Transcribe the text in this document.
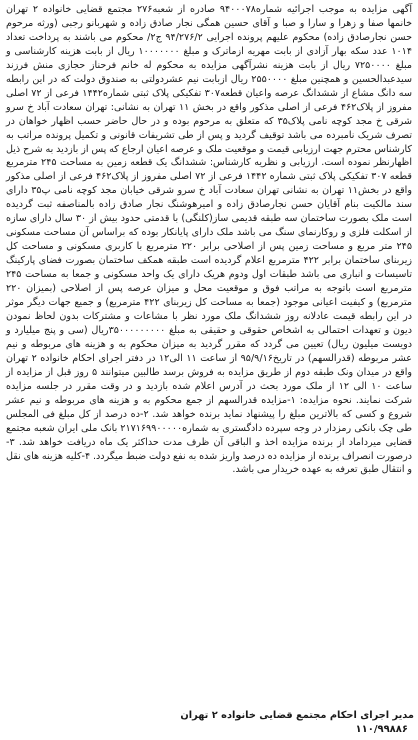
آگهی مزایده به موجب اجرائیه شماره۹۴۰۰۰۷۸ صادره از شعبه۲۷۶ مجتمع قضایی خانواده ۲ تهران خانمها صفا و زهرا و سارا و صبا و آقای حسین همگی نجار صادق زاده و شهربانو رجبی (ورثه مرحوم حسن نجارصادق زاده) محکوم علیهم پرونده اجرایی ۹۴/۲۷۶/۲ ج۲/ محکوم می باشند به پرداخت تعداد ۱۰۱۴ عدد سکه بهار آزادی از بابت مهریه ازماترک و مبلغ ۱۰۰۰۰۰۰۰ ریال از بابت هزینه کارشناسی و مبلغ ۷۲۵۰۰۰۰ ریال از بابت هزینه نشرآگهی مزایده به محکوم له خانم فرحناز حجازی منش فرزند سیدعبدالحسین و همچنین مبلغ ۲۵۵۰۰۰۰ ریال ازبابت نیم عشردولتی به صندوق دولت که در این رابطه سه دانگ مشاع از ششدانگ عرصه واعیان قطعه۳۰۷ تفکیکی پلاک ثبتی شماره۱۴۴۲ فرعی از ۷۲ اصلی مفروز از پلاک۴۶۲ فرعی از اصلی مذکور واقع در بخش ۱۱ تهران به نشانی: تهران سعادت آباد خ سرو شرقی خ مجد کوچه نامی پلاک۳۵ که متعلق به مرحوم بوده و در حال حاضر حسب اظهار خواهان در تصرف شریک نامبرده می باشد توقیف گردید و پس از طی تشریفات قانونی و تکمیل پرونده مراتب به کارشناس محترم جهت ارزیابی قیمت و موقعیت ملک و عرصه اعیان ارجاع که پس از بازدید به شرح ذیل اظهارنظر نموده است. ارزیابی و نظریه کارشناس: ششدانگ یک قطعه زمین به مساحت ۲۴۵ مترمربع قطعه ۳۰۷ تفکیکی پلاک ثبتی شماره ۱۴۴۲ فرعی از ۷۲ اصلی مفروز از پلاک۴۶۲ فرعی از اصلی مذکور واقع در بخش۱۱ تهران به نشانی تهران سعادت آباد خ سرو شرقی خیابان مجد کوچه نامی پ۳۵ دارای سند مالکیت بنام آقایان حسن نجارصادق زاده و امیرهوشنگ نجار صادق زاده بالمناصفه ثبت گردیده است ملک بصورت ساختمان سه طبقه قدیمی ساز(کلنگی) با قدمتی حدود بیش از ۳۰ سال دارای سازه از اسکلت فلزی و روکارنمای سنگ می باشد ملک دارای پایانکار بوده که براساس آن مساحت مسکونی ۲۴۵ متر مربع و مساحت زمین پس از اصلاحی برابر ۲۲۰ مترمربع با کاربری مسکونی و مساحت کل زیربنای ساختمان برابر ۴۲۲ مترمربع اعلام گردیده است طبقه همکف ساختمان بصورت فضای پارکینگ تاسیسات و انباری می باشد طبقات اول ودوم هریک دارای یک واحد مسکونی و جمعا به مساحت ۲۴۵ مترمربع است باتوجه به مراتب فوق و موقعیت محل و میزان عرصه پس از اصلاحی (بمیزان ۲۲۰ مترمربع) و کیفیت اعیانی موجود (جمعا به مساحت کل زیربنای ۴۲۲ مترمربع) و جمیع جهات دیگر موثر در این رابطه قیمت عادلانه روز ششدانگ ملک مورد نظر با مشاعات و مشترکات بدون لحاظ نمودن دیون و تعهدات احتمالی به اشخاص حقوقی و حقیقی به مبلغ ۳۵۰۰۰۰۰۰۰۰۰ریال (سی و پنج میلیارد و دویست میلیون ریال) تعیین می گردد که مقرر گردید به میزان محکوم به و هزینه های مربوطه و نیم عشر مربوطه (قدرالسهم) در تاریخ۹۵/۹/۱۶ از ساعت ۱۱ الی۱۲ در دفتر اجرای احکام خانواده ۲ تهران واقع در میدان ونک طبقه دوم از طریق مزایده به فروش برسد طالبین میتوانند ۵ روز قبل از مزایده از ساعت ۱۰ الی ۱۲ از ملک مورد بحث در آدرس اعلام شده بازدید و در وقت مقرر در جلسه مزایده شرکت نمایند. نحوه مزایده: ۱-مزایده قدرالسهم از جمع محکوم به و هزینه های مربوطه و نیم عشر شروع و کسی که بالاترین مبلغ را پیشنهاد نماید برنده خواهد شد. ۲-ده درصد از کل مبلغ فی المجلس طی چک بانکی رمزدار در وجه سپرده دادگستری به شماره۲۱۷۱۶۹۹۰۰۰۰۰ بانک ملی ایران شعبه مجتمع قضایی میرداماد از برنده مزایده اخذ و الباقی آن ظرف مدت حداکثر یک ماه دریافت خواهد شد. ۳-درصورت انصراف برنده از مزایده ده درصد واریز شده به نفع دولت ضبط میگردد. ۴-کلیه هزینه های نقل و انتقال طبق تعرفه به عهده خریدار می باشد.

مدیر اجرای احکام مجتمع قضایی خانواده ۲ تهران
۱۱۰/۹۹۸۸۶
